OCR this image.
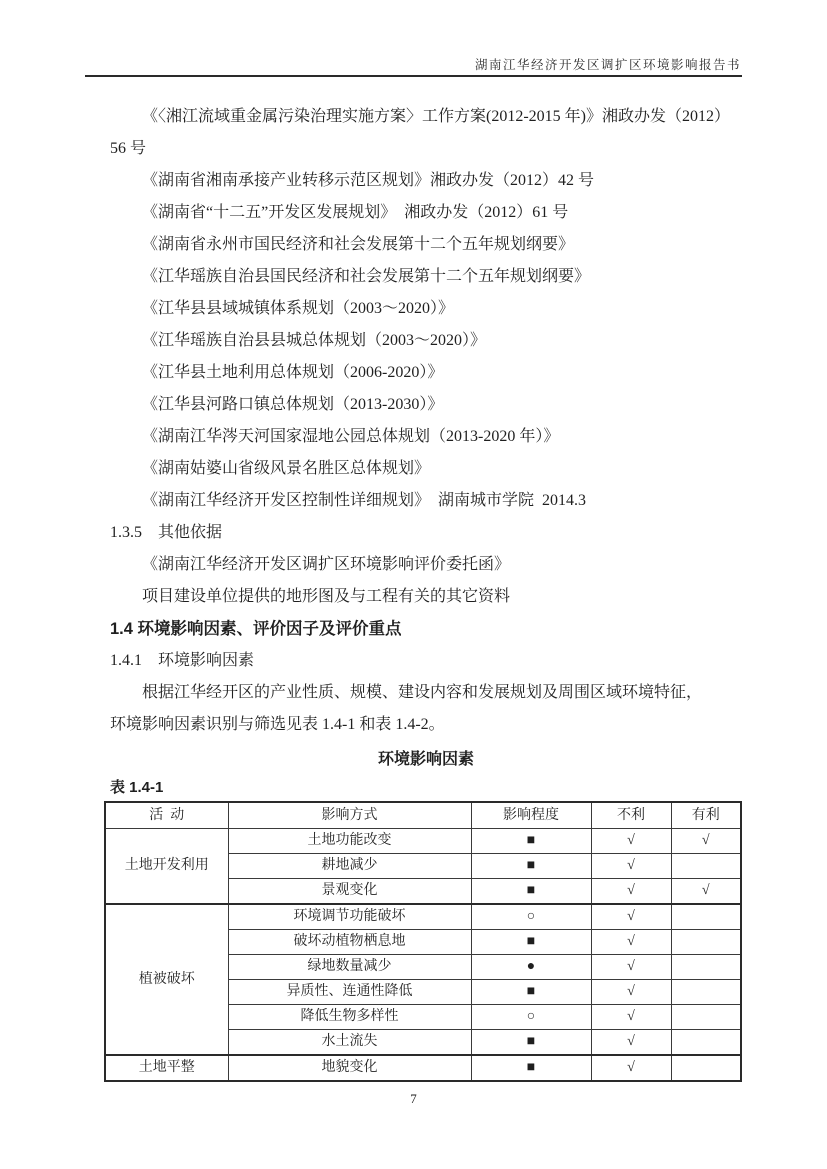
湖南江华经济开发区调扩区环境影响报告书
《〈湘江流域重金属污染治理实施方案〉工作方案(2012-2015 年)》湘政办发（2012）
56 号
《湖南省湘南承接产业转移示范区规划》湘政办发（2012）42 号
《湖南省“十二五”开发区发展规划》　湘政办发（2012）61 号
《湖南省永州市国民经济和社会发展第十二个五年规划纲要》
《江华瑶族自治县国民经济和社会发展第十二个五年规划纲要》
《江华县县域城镇体系规划（2003～2020）》
《江华瑶族自治县县城总体规划（2003～2020）》
《江华县土地利用总体规划（2006-2020）》
《江华县河路口镇总体规划（2013-2030）》
《湖南江华涔天河国家湿地公园总体规划（2013-2020 年）》
《湖南姑婆山省级风景名胜区总体规划》
《湖南江华经济开发区控制性详细规划》　湖南城市学院  2014.3
1.3.5　其他依据
《湖南江华经济开发区调扩区环境影响评价委托函》
项目建设单位提供的地形图及与工程有关的其它资料
1.4 环境影响因素、评价因子及评价重点
1.4.1　环境影响因素
根据江华经开区的产业性质、规模、建设内容和发展规划及周围区域环境特征，
环境影响因素识别与筛选见表 1.4-1 和表 1.4-2。
环境影响因素
表 1.4-1
活  动	影响方式	影响程度	不利	有利
土地开发利用	土地功能改变	■	√	√
	耕地减少	■	√	
	景观变化	■	√	√
植被破坏	环境调节功能破坏	○	√	
	破坏动植物栖息地	■	√	
	绿地数量减少	●	√	
	异质性、连通性降低	■	√	
	降低生物多样性	○	√	
	水土流失	■	√	
土地平整	地貌变化	■	√	
7
